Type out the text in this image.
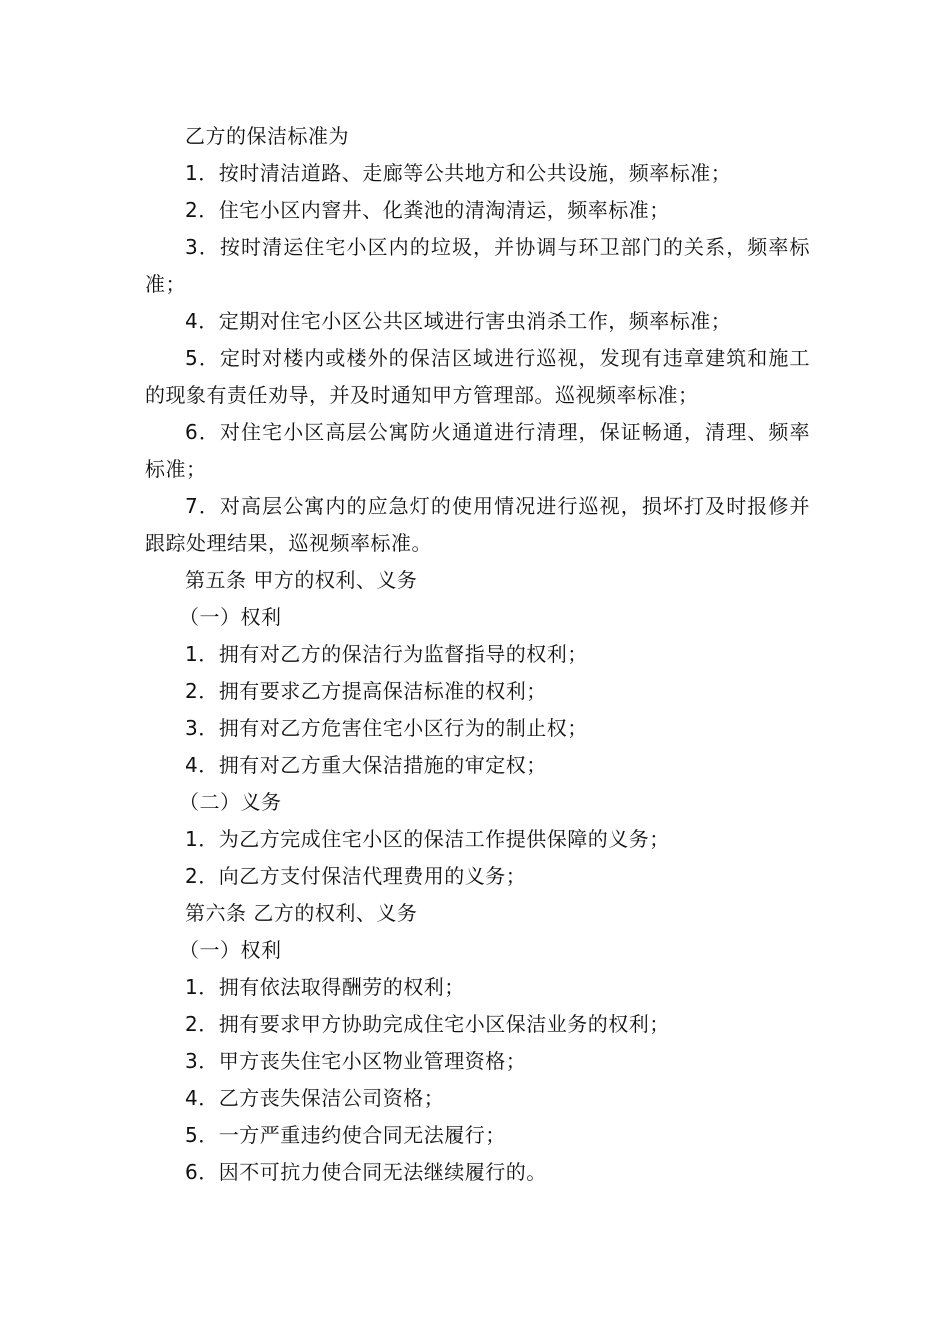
乙方的保洁标准为

1．按时清洁道路、走廊等公共地方和公共设施，频率标准；

2．住宅小区内窨井、化粪池的清淘清运，频率标准；

3．按时清运住宅小区内的垃圾，并协调与环卫部门的关系，频率标准；

4．定期对住宅小区公共区域进行害虫消杀工作，频率标准；

5．定时对楼内或楼外的保洁区域进行巡视，发现有违章建筑和施工的现象有责任劝导，并及时通知甲方管理部。巡视频率标准；

6．对住宅小区高层公寓防火通道进行清理，保证畅通，清理、频率标准；

7．对高层公寓内的应急灯的使用情况进行巡视，损坏打及时报修并跟踪处理结果，巡视频率标准。

第五条 甲方的权利、义务

（一）权利

1．拥有对乙方的保洁行为监督指导的权利；

2．拥有要求乙方提高保洁标准的权利；

3．拥有对乙方危害住宅小区行为的制止权；

4．拥有对乙方重大保洁措施的审定权；

（二）义务

1．为乙方完成住宅小区的保洁工作提供保障的义务；

2．向乙方支付保洁代理费用的义务；

第六条 乙方的权利、义务

（一）权利

1．拥有依法取得酬劳的权利；

2．拥有要求甲方协助完成住宅小区保洁业务的权利；

3．甲方丧失住宅小区物业管理资格；

4．乙方丧失保洁公司资格；

5．一方严重违约使合同无法履行；

6．因不可抗力使合同无法继续履行的。
